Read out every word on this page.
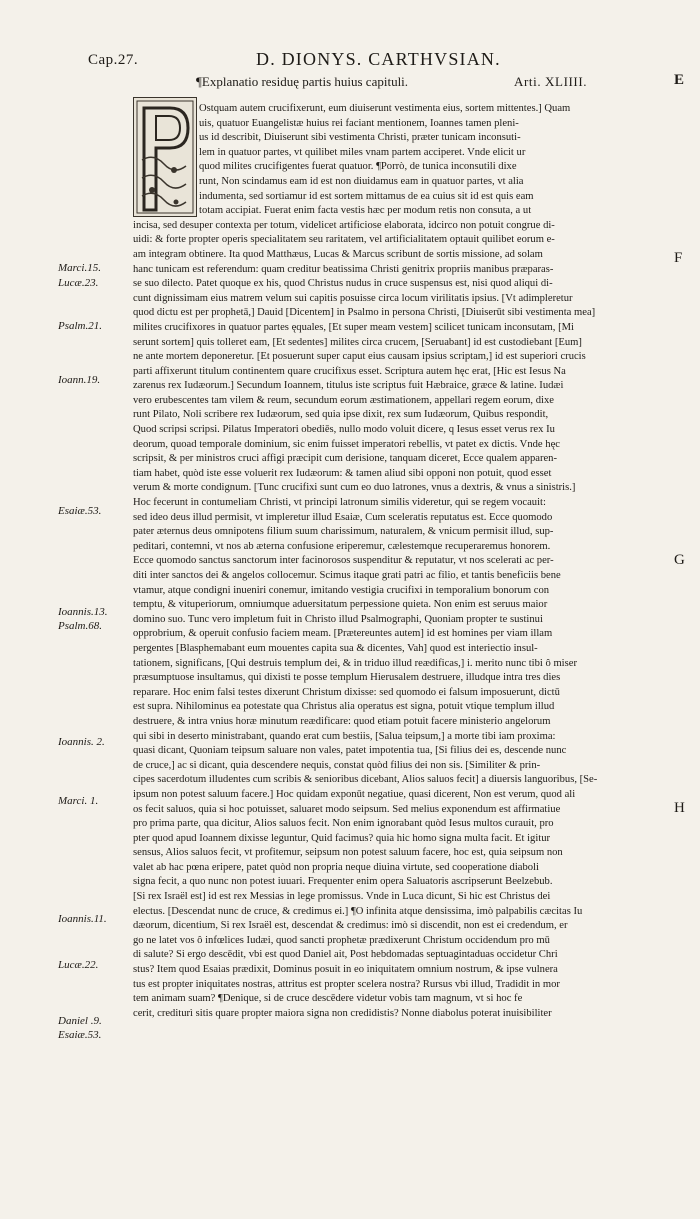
Cap.27.	D. DIONYS. CARTHVSIAN.
¶Explanatio residuę partis huius capituli.	Arti. XLIIII.	E
F
G
H
Ostquam autem crucifixerunt, eum diuiserunt vestimenta eius, sortem mittentes.] Quam
uis, quatuor Euangelistæ huius rei faciant mentionem, Ioannes tamen pleni-
us id describit, Diuiserunt sibi vestimenta Christi, præter tunicam inconsuti-
lem in quatuor partes, vt quilibet miles vnam partem acciperet. Vnde elicit ur
quod milites crucifigentes fuerat quatuor. ¶Porrò, de tunica inconsutili dixe
runt, Non scindamus eam id est non diuidamus eam in quatuor partes, vt alia
indumenta, sed sortiamur id est sortem mittamus de ea cuius sit id est quis eam
totam accipiat. Fuerat enim facta vestis hæc per modum retis non consuta, a ut
incisa, sed desuper contexta per totum, videlicet artificiose elaborata, idcirco non potuit congrue di-
uidi: & forte propter operis specialitatem seu raritatem, vel artificialitatem optauit quilibet eorum e-
am integram obtinere. Ita quod Matthæus, Lucas & Marcus scribunt de sortis missione, ad solam
hanc tunicam est referendum: quam creditur beatissima Christi genitrix propriis manibus præparas-
se suo dilecto. Patet quoque ex his, quod Christus nudus in cruce suspensus est, nisi quod aliqui di-
cunt dignissimam eius matrem velum sui capitis posuisse circa locum virilitatis ipsius. [Vt adimpleretur
quod dictu est per prophetā,] Dauid [Dicentem] in Psalmo in persona Christi, [Diuiserūt sibi vestimenta mea]
milites crucifixores in quatuor partes ęquales, [Et super meam vestem] scilicet tunicam inconsutam, [Mi
serunt sortem] quis tolleret eam, [Et sedentes] milites circa crucem, [Seruabant] id est custodiebant [Eum]
ne ante mortem deponeretur. [Et posuerunt super caput eius causam ipsius scriptam,] id est superiori crucis
parti affixerunt titulum continentem quare crucifixus esset. Scriptura autem hęc erat, [Hic est Iesus Na
zarenus rex Iudæorum.] Secundum Ioannem, titulus iste scriptus fuit Hæbraice, græce & latine. Iudæi
vero erubescentes tam vilem & reum, secundum eorum æstimationem, appellari regem eorum, dixe
runt Pilato, Noli scribere rex Iudæorum, sed quia ipse dixit, rex sum Iudæorum, Quibus respondit,
Quod scripsi scripsi. Pilatus Imperatori obediēs, nullo modo voluit dicere, q Iesus esset verus rex Iu
deorum, quoad temporale dominium, sic enim fuisset imperatori rebellis, vt patet ex dictis. Vnde hęc
scripsit, & per ministros cruci affigi præcipit cum derisione, tanquam diceret, Ecce qualem apparen-
tiam habet, quòd iste esse voluerit rex Iudæorum: & tamen aliud sibi opponi non potuit, quod esset
verum & morte condignum. [Tunc crucifixi sunt cum eo duo latrones, vnus a dextris, & vnus a sinistris.]
Hoc fecerunt in contumeliam Christi, vt principi latronum similis videretur, qui se regem vocauit:
sed ideo deus illud permisit, vt impleretur illud Esaiæ, Cum sceleratis reputatus est. Ecce quomodo
pater æternus deus omnipotens filium suum charissimum, naturalem, & vnicum permisit illud, sup-
peditari, contemni, vt nos ab æterna confusione eriperemur, cælestemque recuperaremus honorem.
Ecce quomodo sanctus sanctorum inter facinorosos suspenditur & reputatur, vt nos scelerati ac per-
diti inter sanctos dei & angelos collocemur. Scimus itaque grati patri ac filio, et tantis beneficiis bene
vtamur, atque condigni inueniri conemur, imitando vestigia crucifixi in temporalium bonorum con
temptu, & vituperiorum, omniumque aduersitatum perpessione quieta. Non enim est seruus maior
domino suo. Tunc vero impletum fuit in Christo illud Psalmographi, Quoniam propter te sustinui
opprobrium, & operuit confusio faciem meam. [Prætereuntes autem] id est homines per viam illam
pergentes [Blasphemabant eum mouentes capita sua & dicentes, Vah] quod est interiectio insul-
tationem, significans, [Qui destruis templum dei, & in triduo illud reædificas,] i. merito nunc tibi ô miser
præsumptuose insultamus, qui dixisti te posse templum Hierusalem destruere, illudque intra tres dies
reparare. Hoc enim falsi testes dixerunt Christum dixisse: sed quomodo ei falsum imposuerunt, dictū
est supra. Nihilominus ea potestate qua Christus alia operatus est signa, potuit vtique templum illud
destruere, & intra vnius horæ minutum reædificare: quod etiam potuit facere ministerio angelorum
qui sibi in deserto ministrabant, quando erat cum bestiis, [Salua teipsum,] a morte tibi iam proxima:
quasi dicant, Quoniam teipsum saluare non vales, patet impotentia tua, [Si filius dei es, descende nunc
de cruce,] ac si dicant, quia descendere nequis, constat quòd filius dei non sis. [Similiter & prin-
cipes sacerdotum illudentes cum scribis & senioribus dicebant, Alios saluos fecit] a diuersis languoribus, [Se-
ipsum non potest saluum facere.] Hoc quidam exponūt negatiue, quasi dicerent, Non est verum, quod ali
os fecit saluos, quia si hoc potuisset, saluaret modo seipsum. Sed melius exponendum est affirmatiue
pro prima parte, qua dicitur, Alios saluos fecit. Non enim ignorabant quòd Iesus multos curauit, pro
pter quod apud Ioannem dixisse leguntur, Quid facimus? quia hic homo signa multa facit. Et igitur
sensus, Alios saluos fecit, vt profitemur, seipsum non potest saluum facere, hoc est, quia seipsum non
valet ab hac pœna eripere, patet quòd non propria neque diuina virtute, sed cooperatione diaboli
signa fecit, a quo nunc non potest iuuari. Frequenter enim opera Saluatoris ascripserunt Beelzebub.
[Si rex Israël est] id est rex Messias in lege promissus. Vnde in Luca dicunt, Si hic est Christus dei
electus. [Descendat nunc de cruce, & credimus ei.] ¶O infinita atque densissima, imò palpabilis cæcitas Iu
dæorum, dicentium, Si rex Israël est, descendat & credimus: imò si discendit, non est ei credendum, er
go ne latet vos ô infœlices Iudæi, quod sancti prophetæ prædixerunt Christum occidendum pro mū
di salute? Si ergo descēdit, vbi est quod Daniel ait, Post hebdomadas septuagintaduas occidetur Chri
stus? Item quod Esaias prædixit, Dominus posuit in eo iniquitatem omnium nostrum, & ipse vulnera
tus est propter iniquitates nostras, attritus est propter scelera nostra? Rursus vbi illud, Tradidit in mor
tem animam suam? ¶Denique, si de cruce descēdere videtur vobis tam magnum, vt si hoc fe
cerit, crediturì sitis quare propter maiora signa non credidistis? Nonne diabolus poterat inuisibiliter
Marci.15.
Lucæ.23.
Psalm.21.
Ioann.19.
Esaiæ.53.
Ioannis.13.
Psalm.68.
Ioannis. 2.
Marci. 1.
Ioannis.11.
Lucæ.22.
Daniel .9.
Esaiæ.53.
